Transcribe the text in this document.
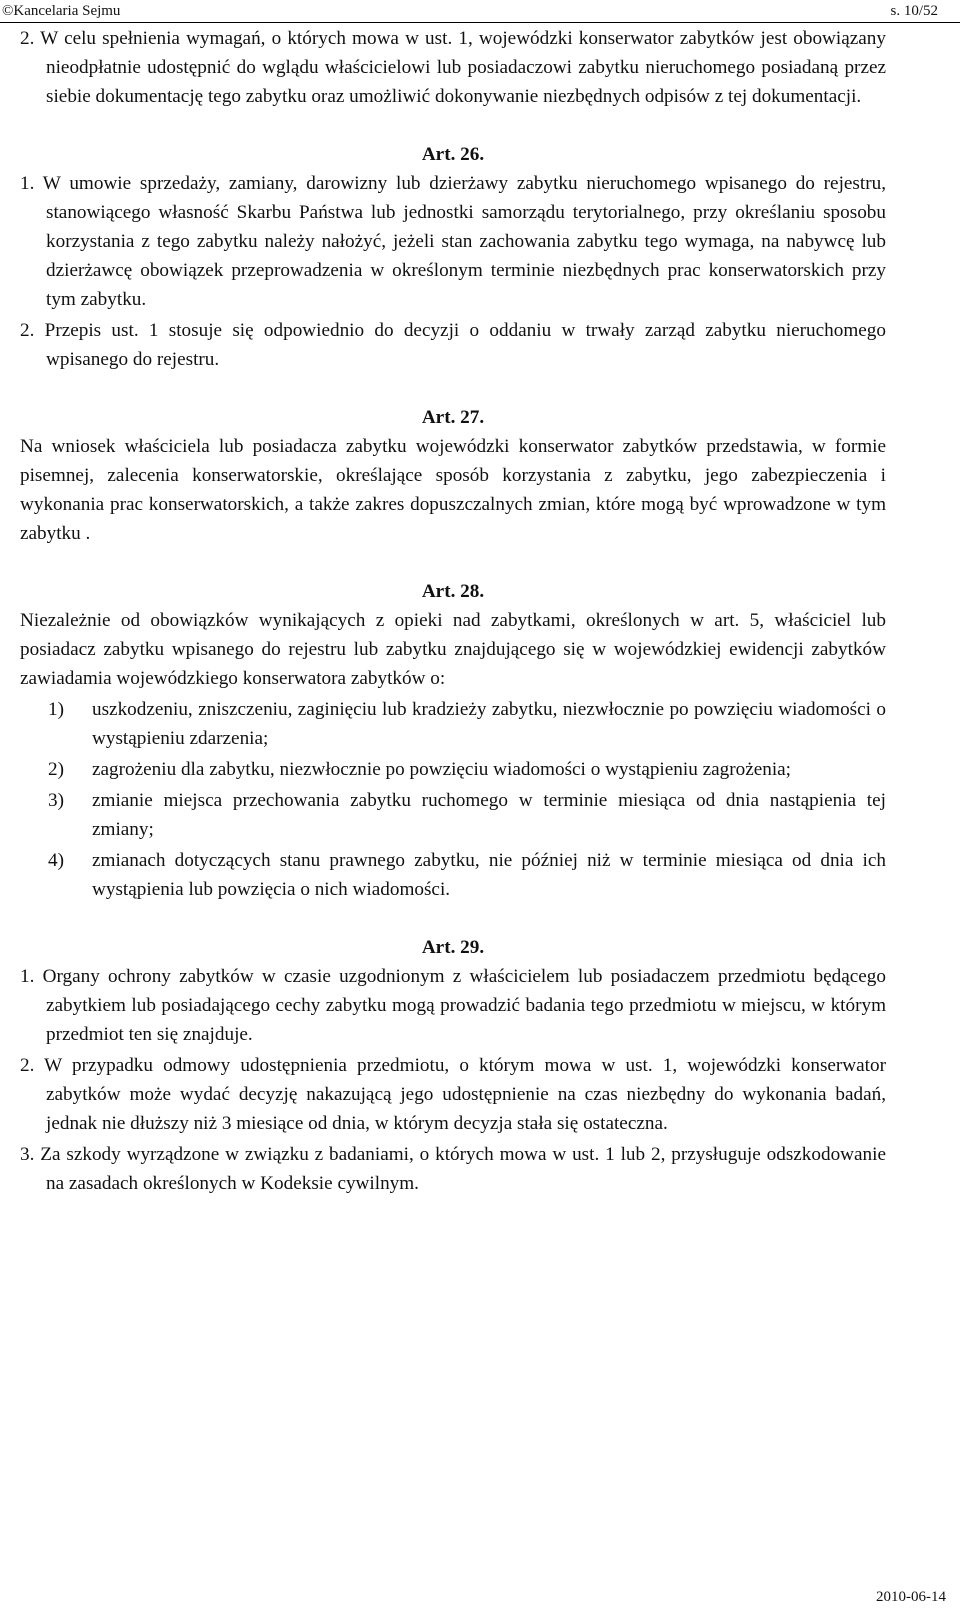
©Kancelaria Sejmu	s. 10/52

2. W celu spełnienia wymagań, o których mowa w ust. 1, wojewódzki konserwator zabytków jest obowiązany nieodpłatnie udostępnić do wglądu właścicielowi lub posiadaczowi zabytku nieruchomego posiadaną przez siebie dokumentację tego zabytku oraz umożliwić dokonywanie niezbędnych odpisów z tej dokumentacji.

Art. 26.

1. W umowie sprzedaży, zamiany, darowizny lub dzierżawy zabytku nieruchomego wpisanego do rejestru, stanowiącego własność Skarbu Państwa lub jednostki samorządu terytorialnego, przy określaniu sposobu korzystania z tego zabytku należy nałożyć, jeżeli stan zachowania zabytku tego wymaga, na nabywcę lub dzierżawcę obowiązek przeprowadzenia w określonym terminie niezbędnych prac konserwatorskich przy tym zabytku.

2. Przepis ust. 1 stosuje się odpowiednio do decyzji o oddaniu w trwały zarząd zabytku nieruchomego wpisanego do rejestru.

Art. 27.

Na wniosek właściciela lub posiadacza zabytku wojewódzki konserwator zabytków przedstawia, w formie pisemnej, zalecenia konserwatorskie, określające sposób korzystania z zabytku, jego zabezpieczenia i wykonania prac konserwatorskich, a także zakres dopuszczalnych zmian, które mogą być wprowadzone w tym zabytku .

Art. 28.

Niezależnie od obowiązków wynikających z opieki nad zabytkami, określonych w art. 5, właściciel lub posiadacz zabytku wpisanego do rejestru lub zabytku znajdującego się w wojewódzkiej ewidencji zabytków zawiadamia wojewódzkiego konserwatora zabytków o:

1) uszkodzeniu, zniszczeniu, zaginięciu lub kradzieży zabytku, niezwłocznie po powzięciu wiadomości o wystąpieniu zdarzenia;
2) zagrożeniu dla zabytku, niezwłocznie po powzięciu wiadomości o wystąpieniu zagrożenia;
3) zmianie miejsca przechowania zabytku ruchomego w terminie miesiąca od dnia nastąpienia tej zmiany;
4) zmianach dotyczących stanu prawnego zabytku, nie później niż w terminie miesiąca od dnia ich wystąpienia lub powzięcia o nich wiadomości.

Art. 29.

1. Organy ochrony zabytków w czasie uzgodnionym z właścicielem lub posiadaczem przedmiotu będącego zabytkiem lub posiadającego cechy zabytku mogą prowadzić badania tego przedmiotu w miejscu, w którym przedmiot ten się znajduje.

2. W przypadku odmowy udostępnienia przedmiotu, o którym mowa w ust. 1, wojewódzki konserwator zabytków może wydać decyzję nakazującą jego udostępnienie na czas niezbędny do wykonania badań, jednak nie dłuższy niż 3 miesiące od dnia, w którym decyzja stała się ostateczna.

3. Za szkody wyrządzone w związku z badaniami, o których mowa w ust. 1 lub 2, przysługuje odszkodowanie na zasadach określonych w Kodeksie cywilnym.

2010-06-14
